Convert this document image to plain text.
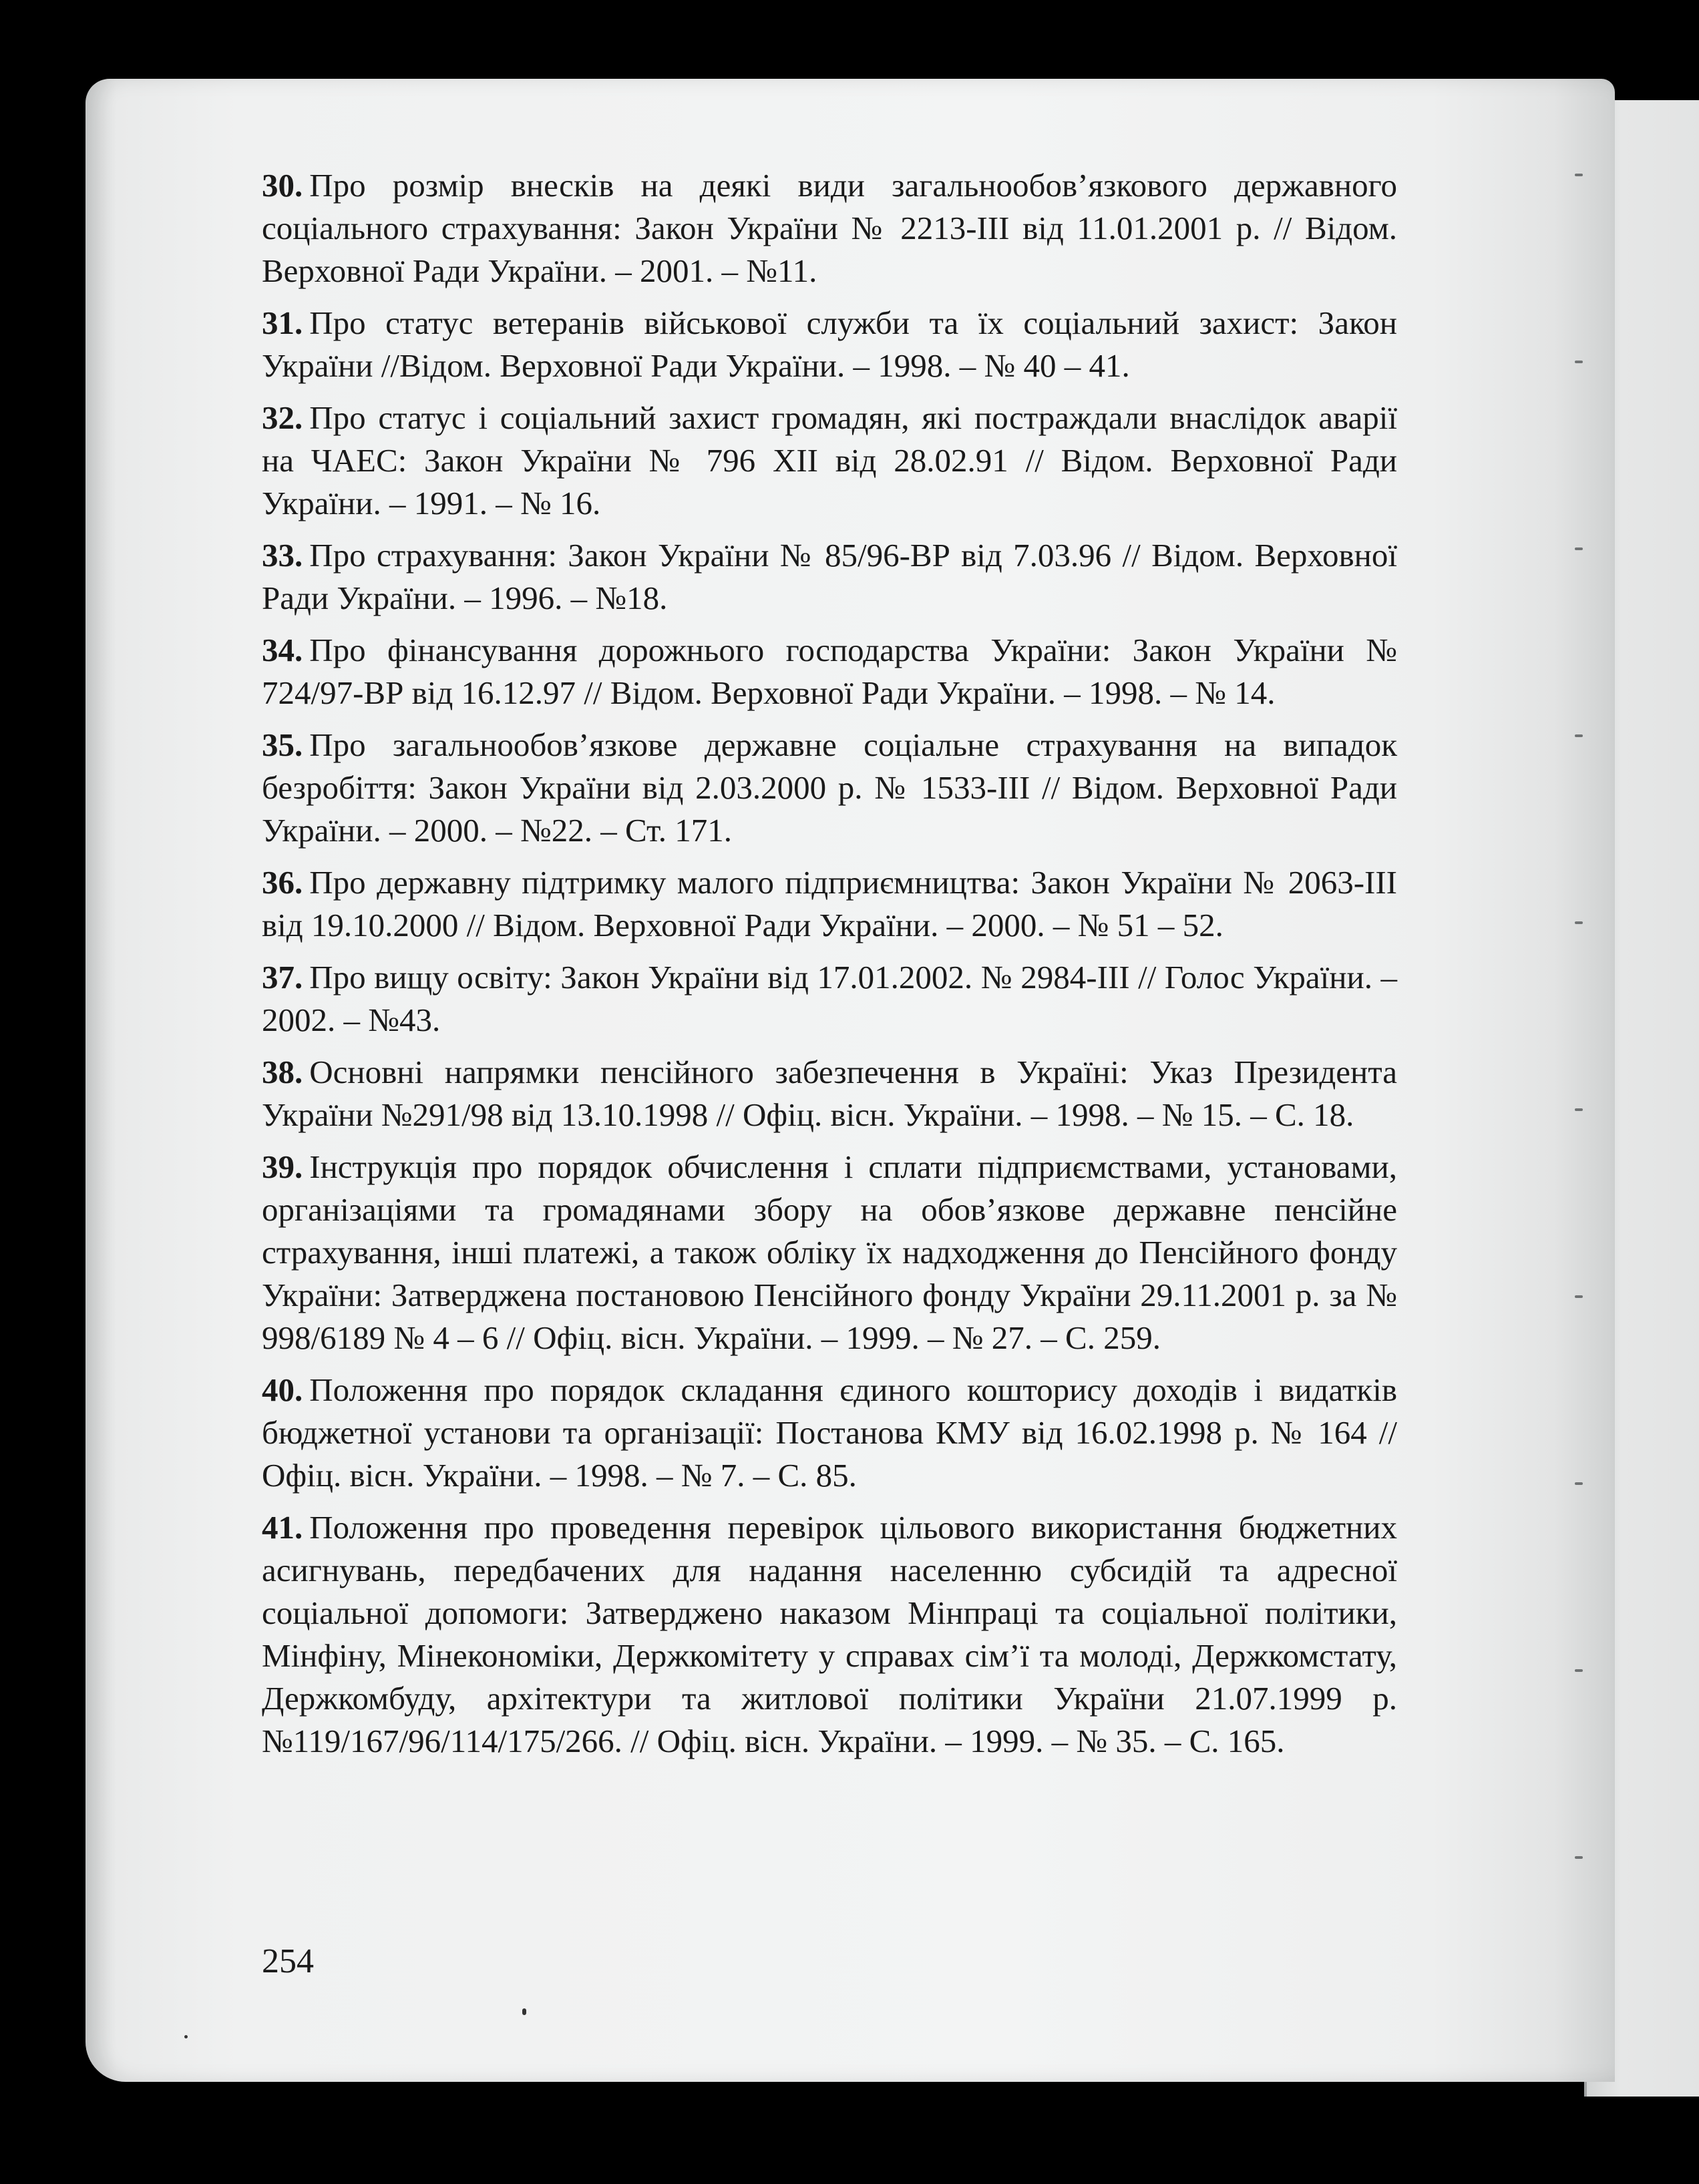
30. Про розмір внесків на деякі види загальнообов’язкового державного соціального страхування: Закон України № 2213-ІІІ від 11.01.2001 р. // Відом. Верховної Ради України. – 2001. – №11.

31. Про статус ветеранів військової служби та їх соціальний захист: Закон України //Відом. Верховної Ради України. – 1998. – № 40 – 41.

32. Про статус і соціальний захист громадян, які постраждали внаслідок аварії на ЧАЕС: Закон України № 796 XII від 28.02.91 // Відом. Верховної Ради України. – 1991. – № 16.

33. Про страхування: Закон України № 85/96-ВР від 7.03.96 // Відом. Верховної Ради України. – 1996. – №18.

34. Про фінансування дорожнього господарства України: Закон України № 724/97-ВР від 16.12.97 // Відом. Верховної Ради України. – 1998. – № 14.

35. Про загальнообов’язкове державне соціальне страхування на випадок безробіття: Закон України від 2.03.2000 р. № 1533-ІІІ // Відом. Верховної Ради України. – 2000. – №22. – Ст. 171.

36. Про державну підтримку малого підприємництва: Закон України № 2063-ІІІ від 19.10.2000 // Відом. Верховної Ради України. – 2000. – № 51 – 52.

37. Про вищу освіту: Закон України від 17.01.2002. № 2984-ІІІ // Голос України. – 2002. – №43.

38. Основні напрямки пенсійного забезпечення в Україні: Указ Президента України №291/98 від 13.10.1998 // Офіц. вісн. України. – 1998. – № 15. – С. 18.

39. Інструкція про порядок обчислення і сплати підприємствами, установами, організаціями та громадянами збору на обов’язкове державне пенсійне страхування, інші платежі, а також обліку їх надходження до Пенсійного фонду України: Затверджена постановою Пенсійного фонду України 29.11.2001 р. за № 998/6189 № 4 – 6 // Офіц. вісн. України. – 1999. – № 27. – С. 259.

40. Положення про порядок складання єдиного кошторису доходів і видатків бюджетної установи та організації: Постанова КМУ від 16.02.1998 р. № 164 // Офіц. вісн. України. – 1998. – № 7. – С. 85.

41. Положення про проведення перевірок цільового використання бюджетних асигнувань, передбачених для надання населенню субсидій та адресної соціальної допомоги: Затверджено наказом Мінпраці та соціальної політики, Мінфіну, Мінекономіки, Держкомітету у справах сім’ї та молоді, Держкомстату, Держкомбуду, архітектури та житлової політики України 21.07.1999 р. №119/167/96/114/175/266. // Офіц. вісн. України. – 1999. – № 35. – С. 165.

254
